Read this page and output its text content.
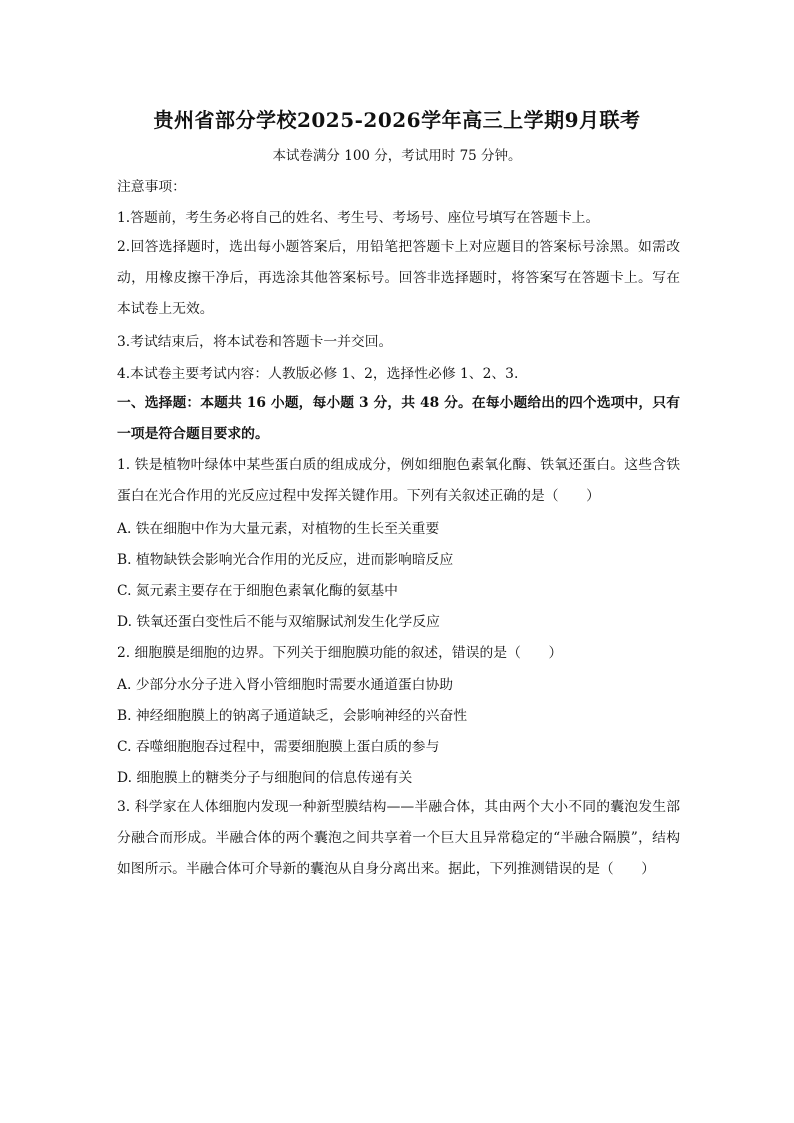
贵州省部分学校2025-2026学年高三上学期9月联考
本试卷满分 100 分，考试用时 75 分钟。
注意事项：
1.答题前，考生务必将自己的姓名、考生号、考场号、座位号填写在答题卡上。
2.回答选择题时，选出每小题答案后，用铅笔把答题卡上对应题目的答案标号涂黑。如需改动，用橡皮擦干净后，再选涂其他答案标号。回答非选择题时，将答案写在答题卡上。写在本试卷上无效。
3.考试结束后，将本试卷和答题卡一并交回。
4.本试卷主要考试内容：人教版必修 1、2，选择性必修 1、2、3.
一、选择题：本题共 16 小题，每小题 3 分，共 48 分。在每小题给出的四个选项中，只有一项是符合题目要求的。
1. 铁是植物叶绿体中某些蛋白质的组成成分，例如细胞色素氧化酶、铁氧还蛋白。这些含铁蛋白在光合作用的光反应过程中发挥关键作用。下列有关叙述正确的是（　　）
A. 铁在细胞中作为大量元素，对植物的生长至关重要
B. 植物缺铁会影响光合作用的光反应，进而影响暗反应
C. 氮元素主要存在于细胞色素氧化酶的氨基中
D. 铁氧还蛋白变性后不能与双缩脲试剂发生化学反应
2. 细胞膜是细胞的边界。下列关于细胞膜功能的叙述，错误的是（　　）
A. 少部分水分子进入肾小管细胞时需要水通道蛋白协助
B. 神经细胞膜上的钠离子通道缺乏，会影响神经的兴奋性
C. 吞噬细胞胞吞过程中，需要细胞膜上蛋白质的参与
D. 细胞膜上的糖类分子与细胞间的信息传递有关
3. 科学家在人体细胞内发现一种新型膜结构——半融合体，其由两个大小不同的囊泡发生部分融合而形成。半融合体的两个囊泡之间共享着一个巨大且异常稳定的“半融合隔膜”，结构如图所示。半融合体可介导新的囊泡从自身分离出来。据此，下列推测错误的是（　　）
